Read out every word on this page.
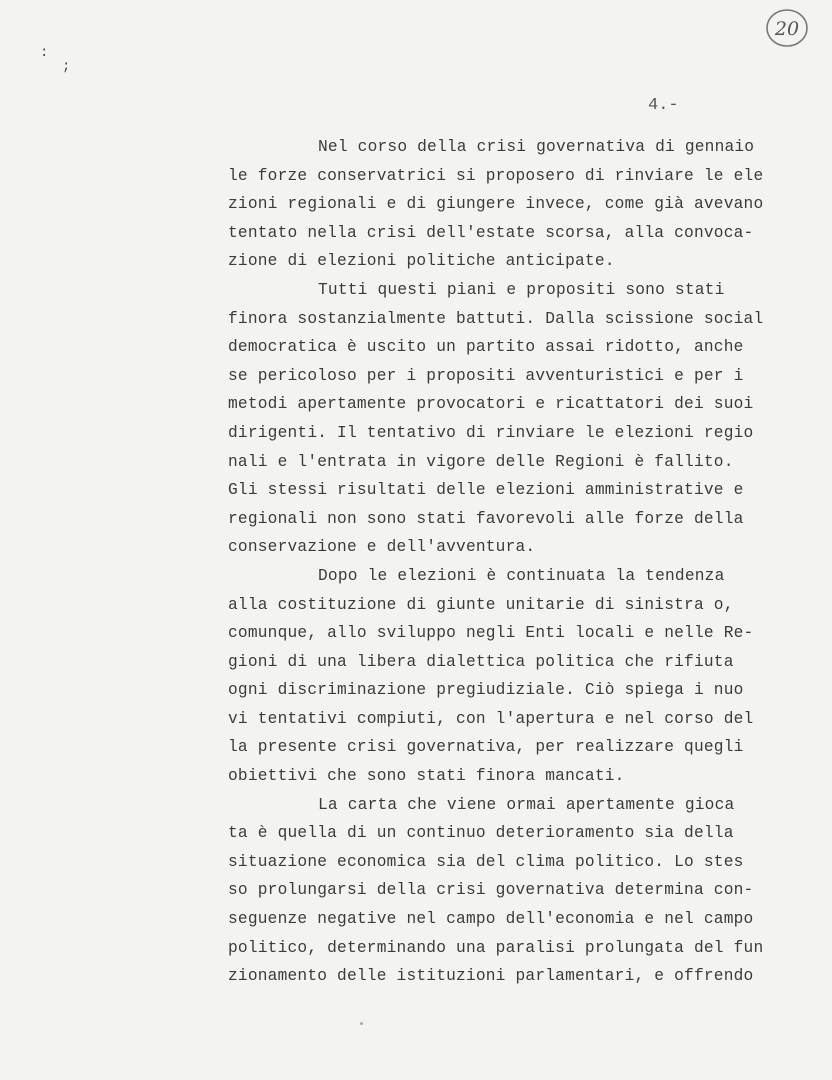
20
:
;
4.-
Nel corso della crisi governativa di gennaio
le forze conservatrici si proposero di rinviare le ele
zioni regionali e di giungere invece, come già avevano
tentato nella crisi dell'estate scorsa, alla convoca-
zione di elezioni politiche anticipate.
Tutti questi piani e propositi sono stati
finora sostanzialmente battuti. Dalla scissione social
democratica è uscito un partito assai ridotto, anche
se pericoloso per i propositi avventuristici e per i
metodi apertamente provocatori e ricattatori dei suoi
dirigenti. Il tentativo di rinviare le elezioni regio
nali e l'entrata in vigore delle Regioni è fallito.
Gli stessi risultati delle elezioni amministrative e
regionali non sono stati favorevoli alle forze della
conservazione e dell'avventura.
Dopo le elezioni è continuata la tendenza
alla costituzione di giunte unitarie di sinistra o,
comunque, allo sviluppo negli Enti locali e nelle Re-
gioni di una libera dialettica politica che rifiuta
ogni discriminazione pregiudiziale. Ciò spiega i nuo
vi tentativi compiuti, con l'apertura e nel corso del
la presente crisi governativa, per realizzare quegli
obiettivi che sono stati finora mancati.
La carta che viene ormai apertamente gioca
ta è quella di un continuo deterioramento sia della
situazione economica sia del clima politico. Lo stes
so prolungarsi della crisi governativa determina con-
seguenze negative nel campo dell'economia e nel campo
politico, determinando una paralisi prolungata del fun
zionamento delle istituzioni parlamentari, e offrendo
